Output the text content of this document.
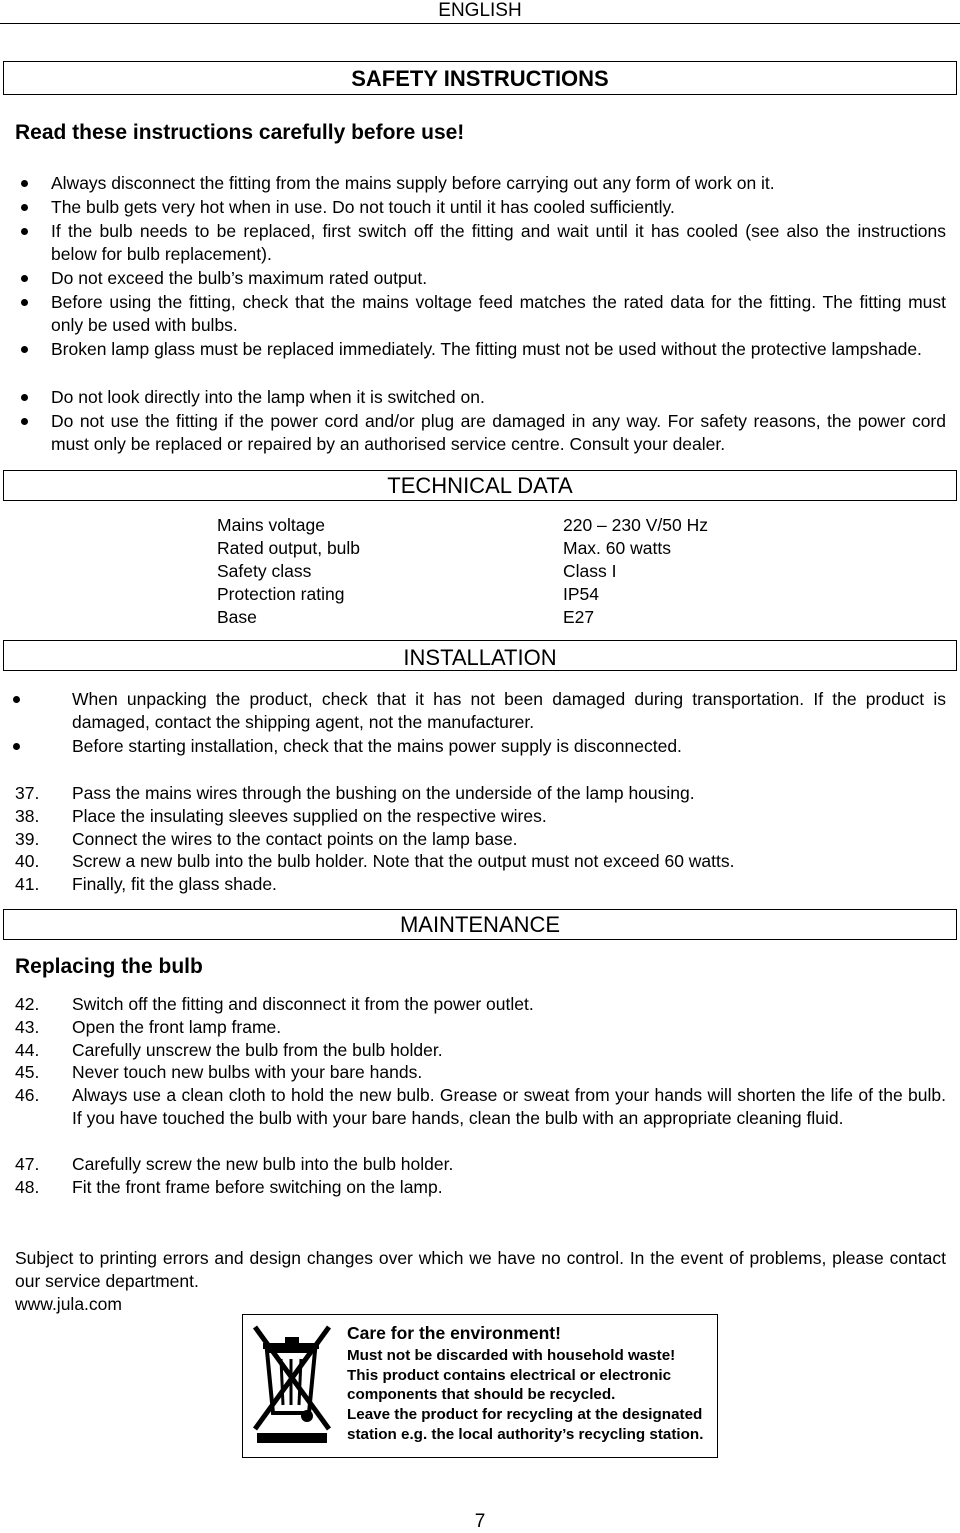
ENGLISH
SAFETY INSTRUCTIONS
Read these instructions carefully before use!
Always disconnect the fitting from the mains supply before carrying out any form of work on it.
The bulb gets very hot when in use. Do not touch it until it has cooled sufficiently.
If the bulb needs to be replaced, first switch off the fitting and wait until it has cooled (see also the instructions below for bulb replacement).
Do not exceed the bulb’s maximum rated output.
Before using the fitting, check that the mains voltage feed matches the rated data for the fitting. The fitting must only be used with bulbs.
Broken lamp glass must be replaced immediately. The fitting must not be used without the protective lampshade.
Do not look directly into the lamp when it is switched on.
Do not use the fitting if the power cord and/or plug are damaged in any way. For safety reasons, the power cord must only be replaced or repaired by an authorised service centre. Consult your dealer.
TECHNICAL DATA
Mains voltage	220 – 230 V/50 Hz
Rated output, bulb	Max. 60 watts
Safety class	Class I
Protection rating	IP54
Base	E27
INSTALLATION
When unpacking the product, check that it has not been damaged during transportation. If the product is damaged, contact the shipping agent, not the manufacturer.
Before starting installation, check that the mains power supply is disconnected.
37. Pass the mains wires through the bushing on the underside of the lamp housing.
38. Place the insulating sleeves supplied on the respective wires.
39. Connect the wires to the contact points on the lamp base.
40. Screw a new bulb into the bulb holder. Note that the output must not exceed 60 watts.
41. Finally, fit the glass shade.
MAINTENANCE
Replacing the bulb
42. Switch off the fitting and disconnect it from the power outlet.
43. Open the front lamp frame.
44. Carefully unscrew the bulb from the bulb holder.
45. Never touch new bulbs with your bare hands.
46. Always use a clean cloth to hold the new bulb. Grease or sweat from your hands will shorten the life of the bulb. If you have touched the bulb with your bare hands, clean the bulb with an appropriate cleaning fluid.
47. Carefully screw the new bulb into the bulb holder.
48. Fit the front frame before switching on the lamp.
Subject to printing errors and design changes over which we have no control. In the event of problems, please contact our service department.
www.jula.com
Care for the environment!
Must not be discarded with household waste!
This product contains electrical or electronic components that should be recycled.
Leave the product for recycling at the designated station e.g. the local authority’s recycling station.
7
